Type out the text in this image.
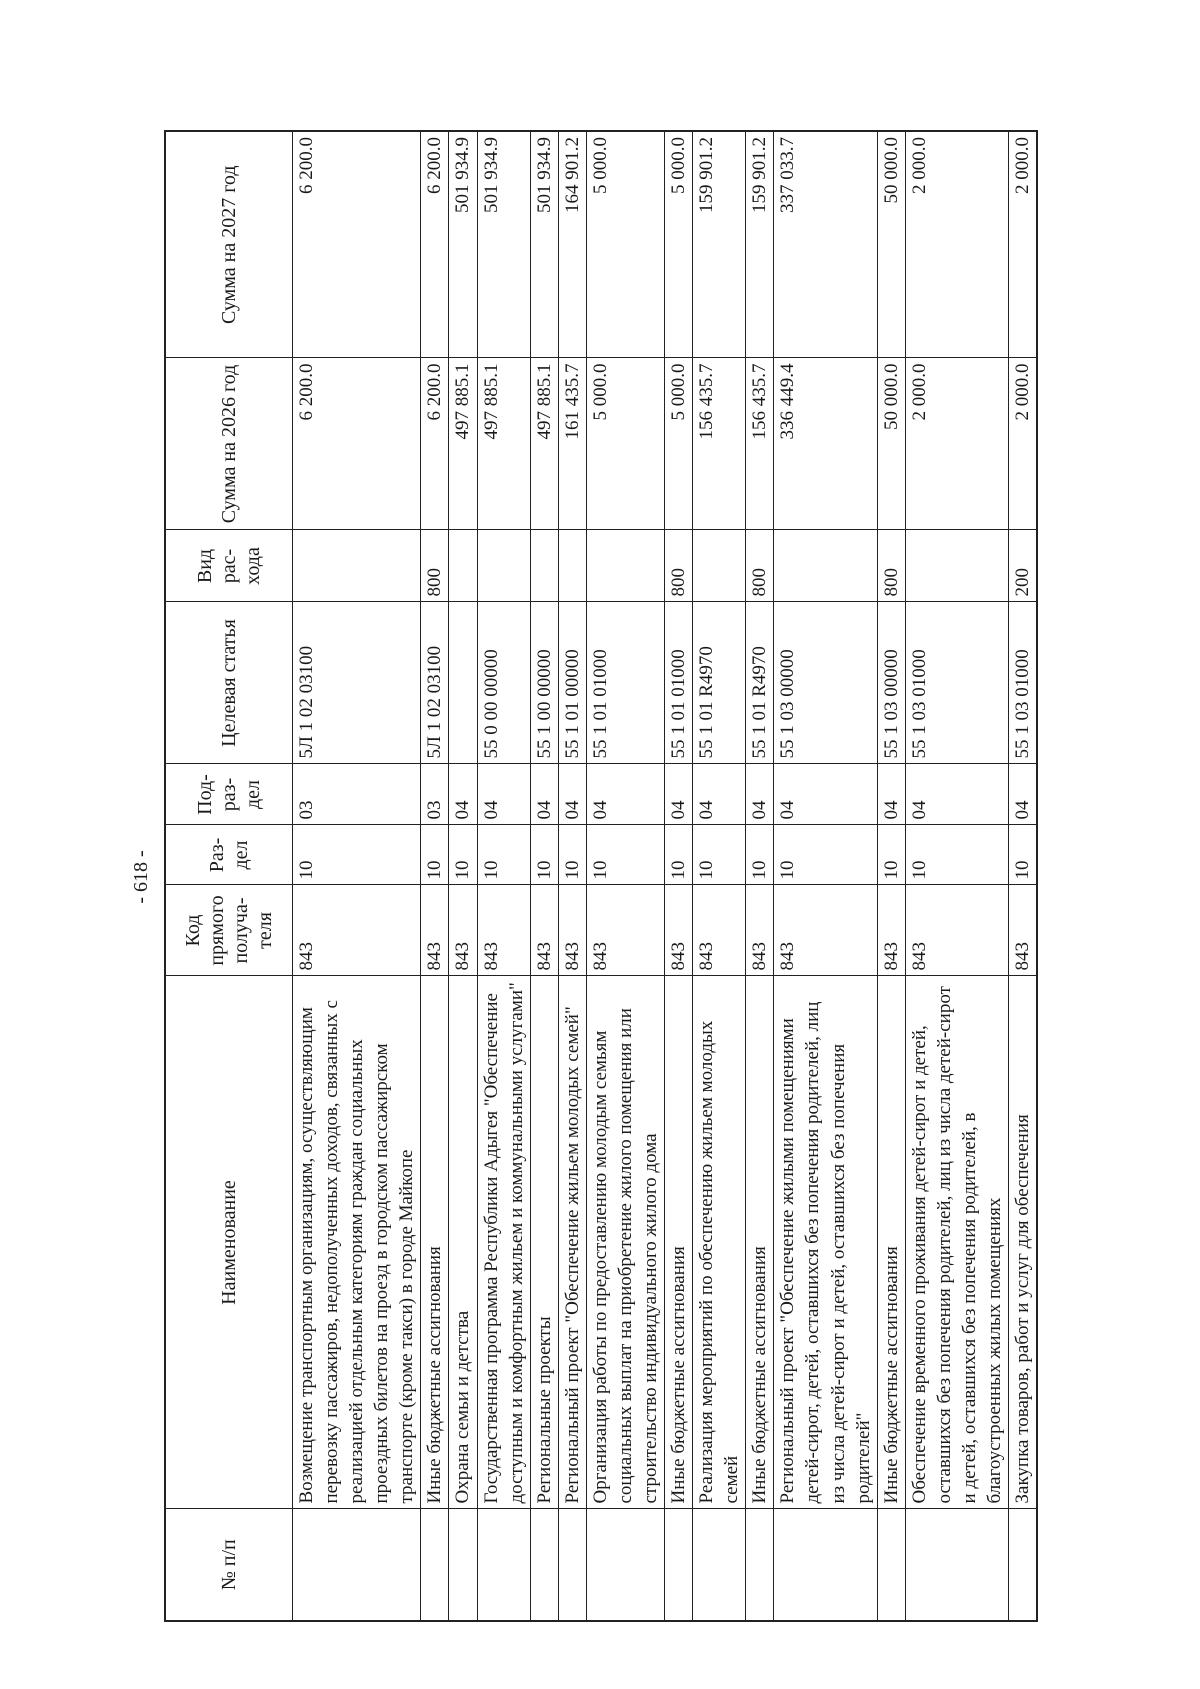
- 618 -
№ п/п	Наименование	Код прямого получа-теля	Раз-дел	Под-раз-дел	Целевая статья	Вид рас-хода	Сумма на 2026 год	Сумма на 2027 год
	Возмещение транспортным организациям, осуществляющим перевозку пассажиров, недополученных доходов, связанных с реализацией отдельным категориям граждан социальных проездных билетов на проезд в городском пассажирском транспорте (кроме такси) в городе Майкопе	843	10	03	5Л 1 02 03100		6 200.0	6 200.0
	Иные бюджетные ассигнования	843	10	03	5Л 1 02 03100	800	6 200.0	6 200.0
	Охрана семьи и детства	843	10	04			497 885.1	501 934.9
	Государственная программа Республики Адыгея "Обеспечение доступным и комфортным жильем и коммунальными услугами"	843	10	04	55 0 00 00000		497 885.1	501 934.9
	Региональные проекты	843	10	04	55 1 00 00000		497 885.1	501 934.9
	Региональный проект "Обеспечение жильем молодых семей"	843	10	04	55 1 01 00000		161 435.7	164 901.2
	Организация работы по предоставлению молодым семьям социальных выплат на приобретение жилого помещения или строительство индивидуального жилого дома	843	10	04	55 1 01 01000		5 000.0	5 000.0
	Иные бюджетные ассигнования	843	10	04	55 1 01 01000	800	5 000.0	5 000.0
	Реализация мероприятий по обеспечению жильем молодых семей	843	10	04	55 1 01 R4970		156 435.7	159 901.2
	Иные бюджетные ассигнования	843	10	04	55 1 01 R4970	800	156 435.7	159 901.2
	Региональный проект "Обеспечение жилыми помещениями детей-сирот, детей, оставшихся без попечения родителей, лиц из числа детей-сирот и детей, оставшихся без попечения родителей"	843	10	04	55 1 03 00000		336 449.4	337 033.7
	Иные бюджетные ассигнования	843	10	04	55 1 03 00000	800	50 000.0	50 000.0
	Обеспечение временного проживания детей-сирот и детей, оставшихся без попечения родителей, лиц из числа детей-сирот и детей, оставшихся без попечения родителей, в благоустроенных жилых помещениях	843	10	04	55 1 03 01000		2 000.0	2 000.0
	Закупка товаров, работ и услуг для обеспечения	843	10	04	55 1 03 01000	200	2 000.0	2 000.0
